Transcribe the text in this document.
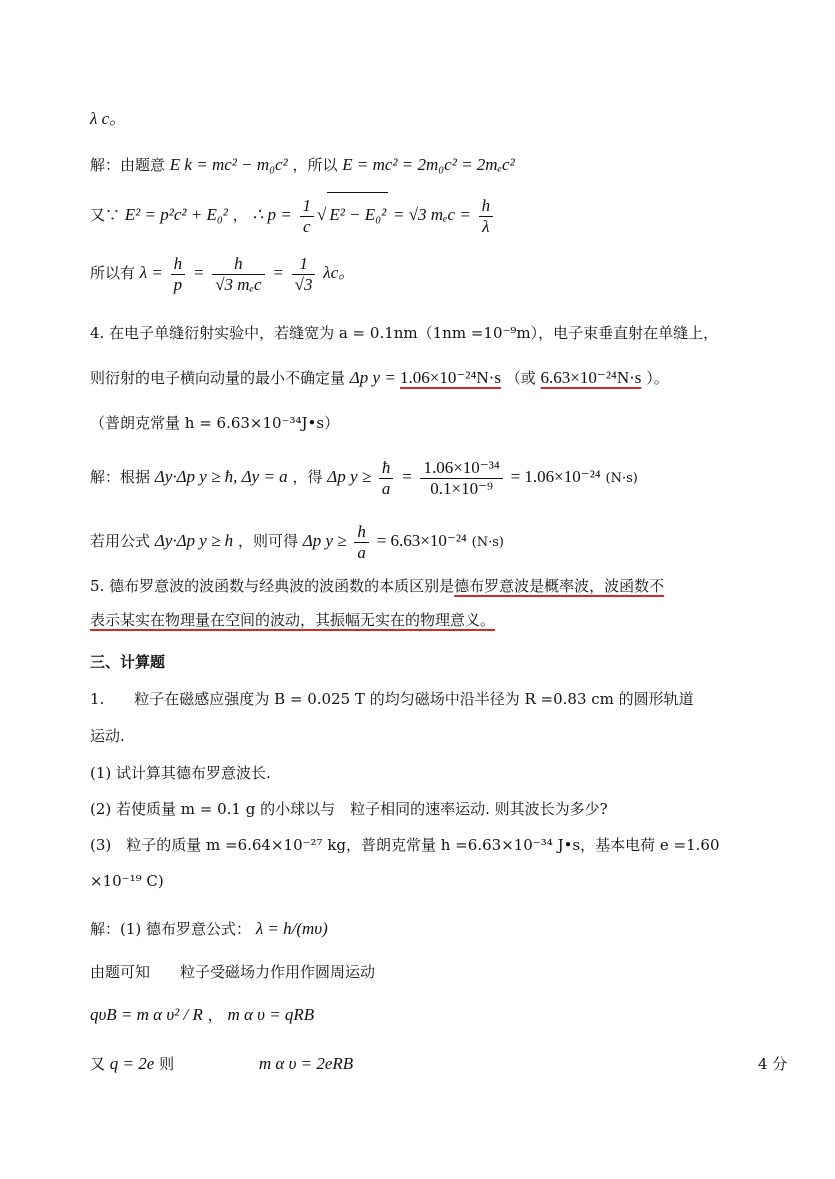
λ c。
解：由题意 E k = mc² − m₀c² ，所以 E = mc² = 2m₀c² = 2mₑc²
又∵ E² = p²c² + E₀² ， ∴ $p = \frac{1}{c}$ √ E² − E₀² = √3 $m_ec = \frac{h}{\lambda}$
所以有 $\lambda = \frac{h}{p} = \frac{h}{\text{√3 mₑc}} = \frac{1}{√3}$ λc。
4. 在电子单缝衍射实验中，若缝宽为 a = 0.1nm（1nm =10⁻⁹m），电子束垂直射在单缝上，
则衍射的电子横向动量的最小不确定量 Δp y = 1.06×10⁻²⁴N·s （或 6.63×10⁻²⁴N·s ）。
（普朗克常量 h = 6.63×10⁻³⁴J•s）
解：根据 Δy·Δp y ≥ ħ, Δy = a ，得 Δp $y \ge \frac{ħ}{a} = \frac{\text{1.06×10⁻³⁴}}{\text{0.1×10⁻⁹}} = 1.06\times 10^{-24}$ (N·s)
若用公式 Δy·Δp y ≥ h ，则可得 Δp $y \ge \frac{h}{a} = 6.63\times 10^{-24}$ (N·s)
5. 德布罗意波的波函数与经典波的波函数的本质区别是德布罗意波是概率波，波函数不
表示某实在物理量在空间的波动，其振幅无实在的物理意义。
三、计算题
1.　　粒子在磁感应强度为 B = 0.025 T 的均匀磁场中沿半径为 R =0.83 cm 的圆形轨道
运动.
(1) 试计算其德布罗意波长.
(2) 若使质量 m = 0.1 g 的小球以与　粒子相同的速率运动. 则其波长为多少?
(3)　粒子的质量 m =6.64×10⁻²⁷ kg，普朗克常量 h =6.63×10⁻³⁴ J•s，基本电荷 e =1.60
×10⁻¹⁹ C)
解：(1) 德布罗意公式： λ = h/(mυ)
由题可知　　粒子受磁场力作用作圆周运动
qυB = m α υ² / R ， m α υ = qRB
又 q = 2e 则	m α υ = 2eRB	4 分
